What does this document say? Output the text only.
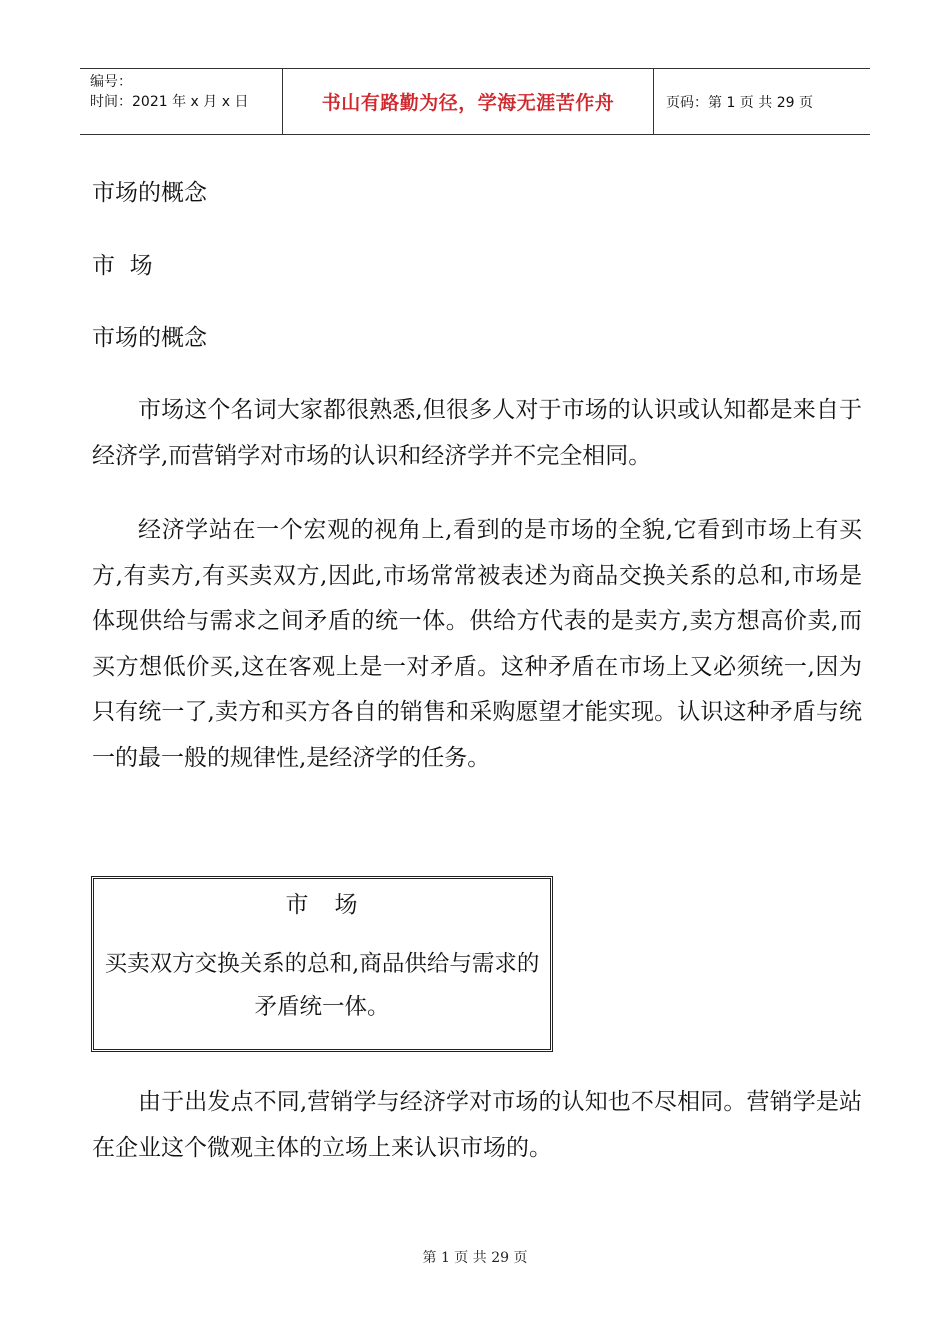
编号：
时间：2021 年 x 月 x 日	书山有路勤为径，学海无涯苦作舟	页码：第 1 页 共 29 页
市场的概念
市  场
市场的概念

市场这个名词大家都很熟悉,但很多人对于市场的认识或认知都是来自于经济学,而营销学对市场的认识和经济学并不完全相同。

经济学站在一个宏观的视角上,看到的是市场的全貌,它看到市场上有买方,有卖方,有买卖双方,因此,市场常常被表述为商品交换关系的总和,市场是体现供给与需求之间矛盾的统一体。供给方代表的是卖方,卖方想高价卖,而买方想低价买,这在客观上是一对矛盾。这种矛盾在市场上又必须统一,因为只有统一了,卖方和买方各自的销售和采购愿望才能实现。认识这种矛盾与统一的最一般的规律性,是经济学的任务。

市   场
买卖双方交换关系的总和,商品供给与需求的矛盾统一体。

由于出发点不同,营销学与经济学对市场的认知也不尽相同。营销学是站在企业这个微观主体的立场上来认识市场的。

第 1 页 共 29 页
